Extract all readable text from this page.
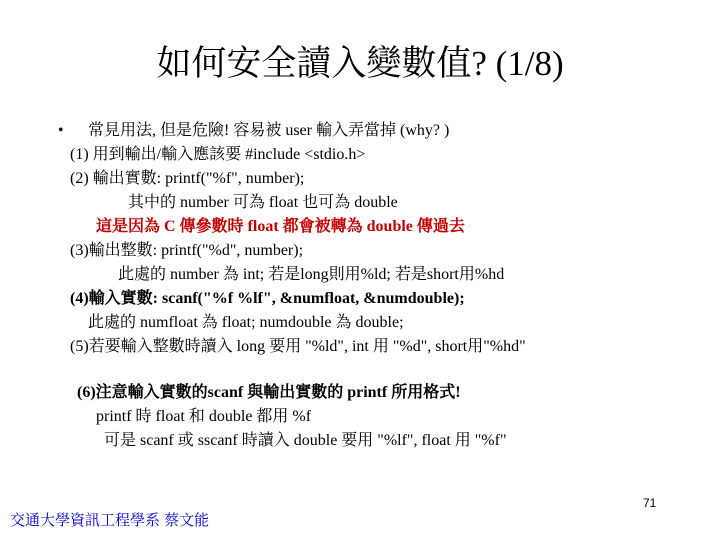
如何安全讀入變數值? (1/8)
• 常見用法, 但是危險! 容易被 user 輸入弄當掉 (why? )
(1) 用到輸出/輸入應該要 #include <stdio.h>
(2) 輸出實數: printf("%f", number);
其中的 number 可為 float 也可為 double
這是因為 C 傳參數時 float 都會被轉為 double 傳過去
(3)輸出整數: printf("%d", number);
此處的 number 為 int; 若是long則用%ld; 若是short用%hd
(4)輸入實數: scanf("%f %lf", &numfloat, &numdouble);
此處的 numfloat 為 float; numdouble 為 double;
(5)若要輸入整數時讀入 long 要用 "%ld", int 用 "%d", short用"%hd"
(6)注意輸入實數的scanf 與輸出實數的 printf 所用格式!
printf 時 float 和 double 都用 %f
可是 scanf 或 sscanf 時讀入 double 要用 "%lf", float 用 "%f"
71
交通大學資訊工程學系 蔡文能
